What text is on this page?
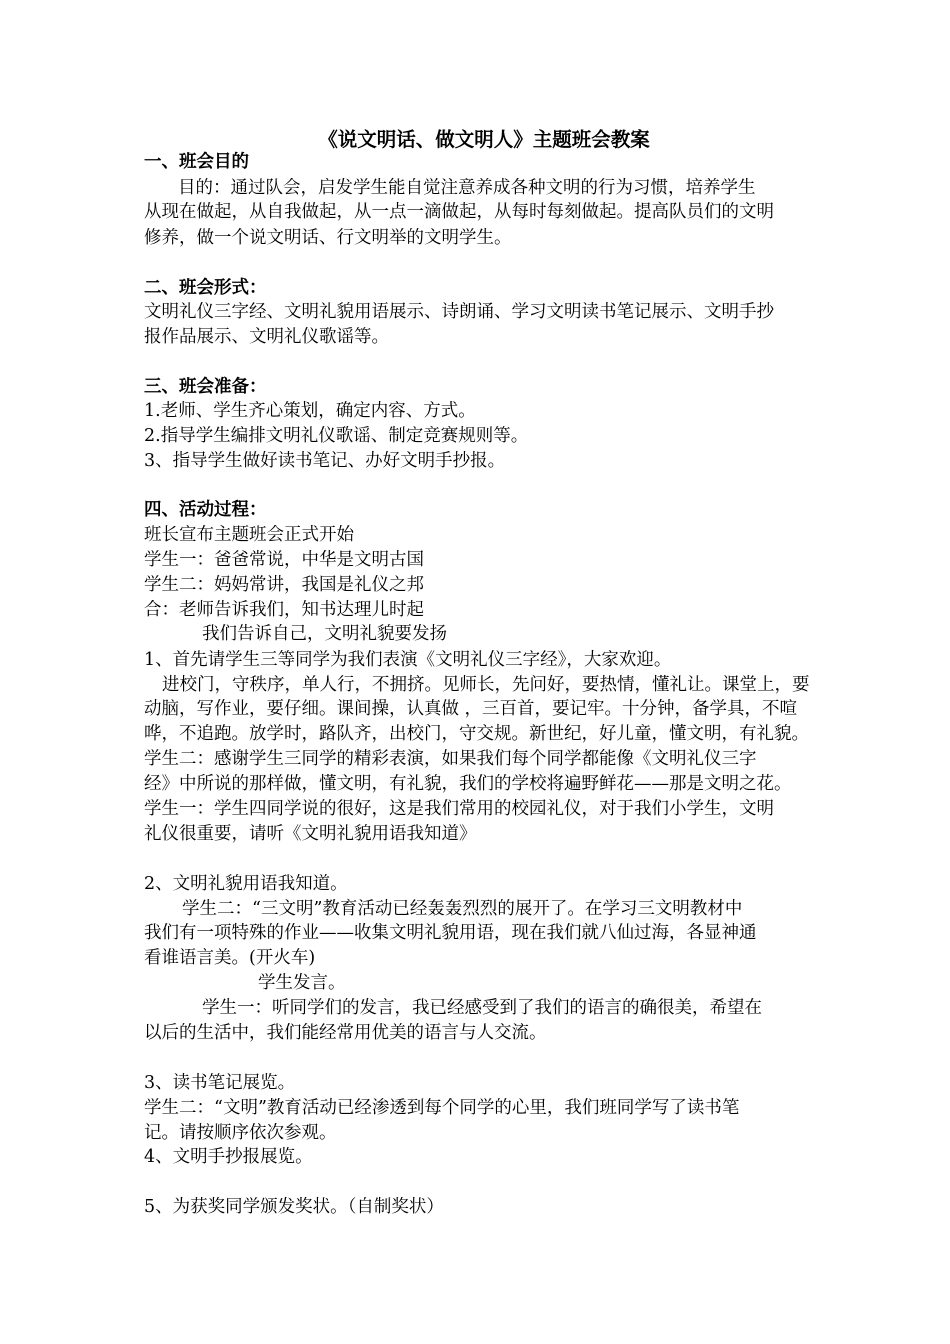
《说文明话、做文明人》主题班会教案
一、班会目的
目的：通过队会，启发学生能自觉注意养成各种文明的行为习惯，培养学生
从现在做起，从自我做起，从一点一滴做起，从每时每刻做起。提高队员们的文明
修养，做一个说文明话、行文明举的文明学生。
二、班会形式：
文明礼仪三字经、文明礼貌用语展示、诗朗诵、学习文明读书笔记展示、文明手抄
报作品展示、文明礼仪歌谣等。
三、班会准备：
1.老师、学生齐心策划，确定内容、方式。
2.指导学生编排文明礼仪歌谣、制定竞赛规则等。
3、指导学生做好读书笔记、办好文明手抄报。
四、活动过程：
班长宣布主题班会正式开始
学生一：爸爸常说，中华是文明古国
学生二：妈妈常讲，我国是礼仪之邦
合：老师告诉我们，知书达理儿时起
我们告诉自己，文明礼貌要发扬
1、首先请学生三等同学为我们表演《文明礼仪三字经》，大家欢迎。
进校门，守秩序，单人行，不拥挤。见师长，先问好，要热情，懂礼让。课堂上，要
动脑，写作业，要仔细。课间操，认真做 ，三百首，要记牢。十分钟，备学具，不喧
哗，不追跑。放学时，路队齐，出校门，守交规。新世纪，好儿童，懂文明，有礼貌。
学生二：感谢学生三同学的精彩表演，如果我们每个同学都能像《文明礼仪三字
经》中所说的那样做，懂文明，有礼貌，我们的学校将遍野鲜花——那是文明之花。
学生一：学生四同学说的很好，这是我们常用的校园礼仪，对于我们小学生，文明
礼仪很重要，请听《文明礼貌用语我知道》
2、文明礼貌用语我知道。
学生二：“三文明”教育活动已经轰轰烈烈的展开了。在学习三文明教材中
我们有一项特殊的作业——收集文明礼貌用语，现在我们就八仙过海，各显神通
看谁语言美。(开火车)
学生发言。
学生一：听同学们的发言，我已经感受到了我们的语言的确很美，希望在
以后的生活中，我们能经常用优美的语言与人交流。
3、读书笔记展览。
学生二：“文明”教育活动已经渗透到每个同学的心里，我们班同学写了读书笔
记。请按顺序依次参观。
4、文明手抄报展览。
5、为获奖同学颁发奖状。（自制奖状）
